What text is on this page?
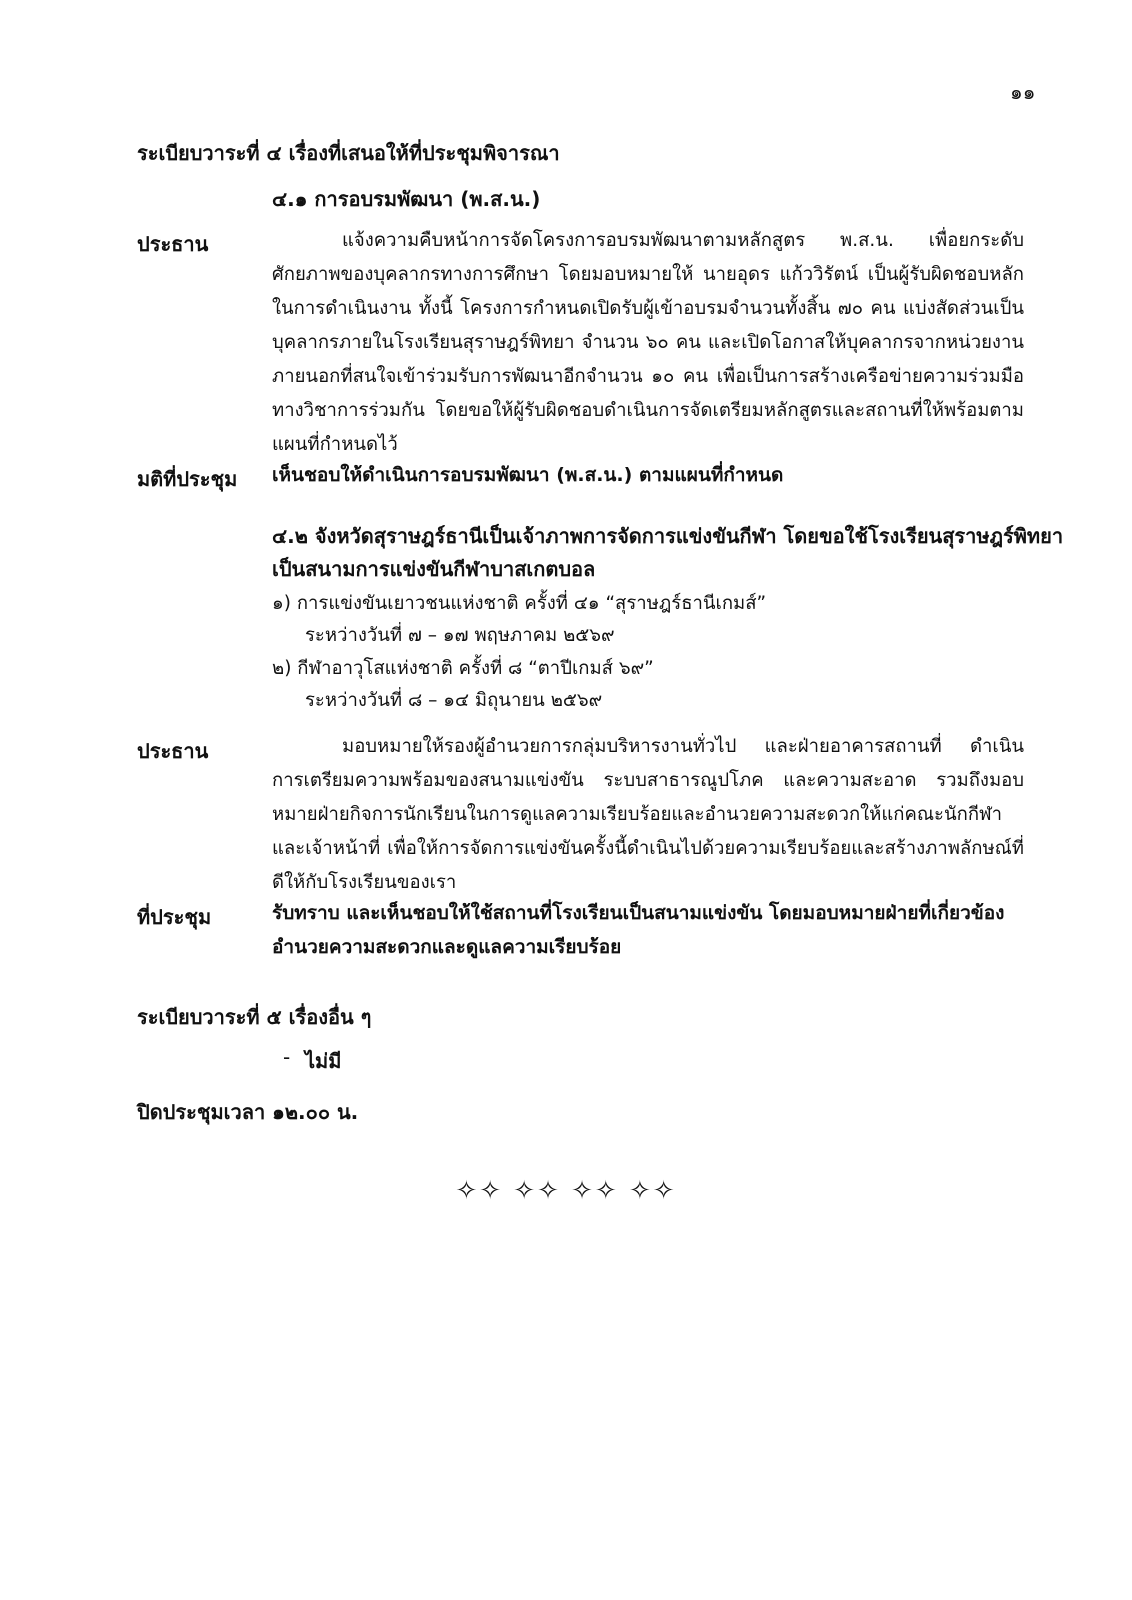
๑๑
ระเบียบวาระที่ ๔ เรื่องที่เสนอให้ที่ประชุมพิจารณา
๔.๑ การอบรมพัฒนา (พ.ส.น.)
ประธาน	แจ้งความคืบหน้าการจัดโครงการอบรมพัฒนาตามหลักสูตร พ.ส.น. เพื่อยกระดับศักยภาพของบุคลากรทางการศึกษา โดยมอบหมายให้ นายอุดร แก้ววิรัตน์ เป็นผู้รับผิดชอบหลักในการดำเนินงาน ทั้งนี้ โครงการกำหนดเปิดรับผู้เข้าอบรมจำนวนทั้งสิ้น ๗๐ คน แบ่งสัดส่วนเป็นบุคลากรภายในโรงเรียนสุราษฎร์พิทยา จำนวน ๖๐ คน และเปิดโอกาสให้บุคลากรจากหน่วยงานภายนอกที่สนใจเข้าร่วมรับการพัฒนาอีกจำนวน ๑๐ คน เพื่อเป็นการสร้างเครือข่ายความร่วมมือทางวิชาการร่วมกัน โดยขอให้ผู้รับผิดชอบดำเนินการจัดเตรียมหลักสูตรและสถานที่ให้พร้อมตามแผนที่กำหนดไว้
มติที่ประชุม เห็นชอบให้ดำเนินการอบรมพัฒนา (พ.ส.น.) ตามแผนที่กำหนด
๔.๒ จังหวัดสุราษฎร์ธานีเป็นเจ้าภาพการจัดการแข่งขันกีฬา โดยขอใช้โรงเรียนสุราษฎร์พิทยา
เป็นสนามการแข่งขันกีฬาบาสเกตบอล
๑) การแข่งขันเยาวชนแห่งชาติ ครั้งที่ ๔๑ “สุราษฎร์ธานีเกมส์”
ระหว่างวันที่ ๗ – ๑๗ พฤษภาคม ๒๕๖๙
๒) กีฬาอาวุโสแห่งชาติ ครั้งที่ ๘ “ตาปีเกมส์ ๖๙”
ระหว่างวันที่ ๘ – ๑๔ มิถุนายน ๒๕๖๙
ประธาน	มอบหมายให้รองผู้อำนวยการกลุ่มบริหารงานทั่วไป และฝ่ายอาคารสถานที่ ดำเนินการเตรียมความพร้อมของสนามแข่งขัน ระบบสาธารณูปโภค และความสะอาด รวมถึงมอบหมายฝ่ายกิจการนักเรียนในการดูแลความเรียบร้อยและอำนวยความสะดวกให้แก่คณะนักกีฬาและเจ้าหน้าที่ เพื่อให้การจัดการแข่งขันครั้งนี้ดำเนินไปด้วยความเรียบร้อยและสร้างภาพลักษณ์ที่ดีให้กับโรงเรียนของเรา
ที่ประชุม	รับทราบ และเห็นชอบให้ใช้สถานที่โรงเรียนเป็นสนามแข่งขัน โดยมอบหมายฝ่ายที่เกี่ยวข้องอำนวยความสะดวกและดูแลความเรียบร้อย
ระเบียบวาระที่ ๕ เรื่องอื่น ๆ
- ไม่มี
ปิดประชุมเวลา ๑๒.๐๐ น.
✧✧ ✧✧ ✧✧ ✧✧
